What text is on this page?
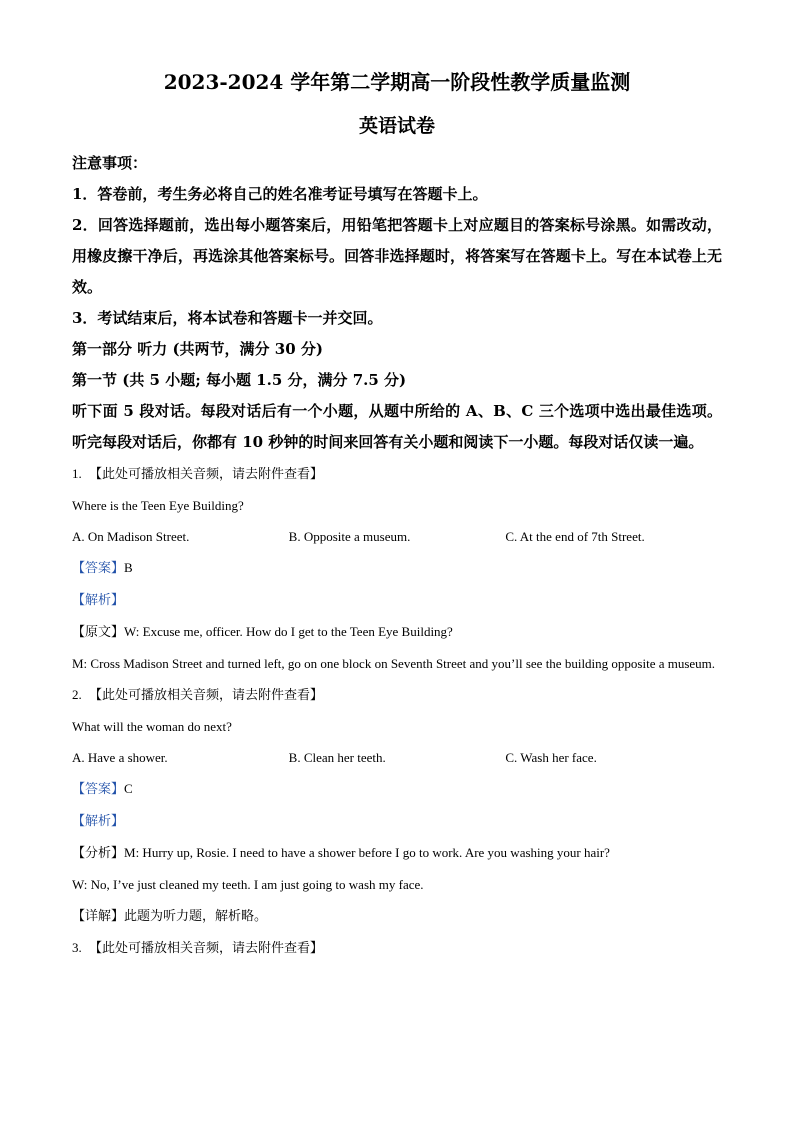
2023-2024 学年第二学期高一阶段性教学质量监测
英语试卷
注意事项：
1．答卷前，考生务必将自己的姓名准考证号填写在答题卡上。
2．回答选择题前，选出每小题答案后，用铅笔把答题卡上对应题目的答案标号涂黑。如需改动，用橡皮擦干净后，再选涂其他答案标号。回答非选择题时，将答案写在答题卡上。写在本试卷上无效。
3．考试结束后，将本试卷和答题卡一并交回。
第一部分 听力 (共两节，满分 30 分)
第一节 (共 5 小题; 每小题 1.5 分，满分 7.5 分)
听下面 5 段对话。每段对话后有一个小题，从题中所给的 A、B、C 三个选项中选出最佳选项。听完每段对话后，你都有 10 秒钟的时间来回答有关小题和阅读下一小题。每段对话仅读一遍。
1. 【此处可播放相关音频，请去附件查看】
Where is the Teen Eye Building?
A. On Madison Street.	B. Opposite a museum.	C. At the end of 7th Street.
【答案】B
【解析】
【原文】W: Excuse me, officer. How do I get to the Teen Eye Building?
M: Cross Madison Street and turned left, go on one block on Seventh Street and you’ll see the building opposite a museum.
2. 【此处可播放相关音频，请去附件查看】
What will the woman do next?
A. Have a shower.	B. Clean her teeth.	C. Wash her face.
【答案】C
【解析】
【分析】M: Hurry up, Rosie. I need to have a shower before I go to work. Are you washing your hair?
W: No, I’ve just cleaned my teeth. I am just going to wash my face.
【详解】此题为听力题，解析略。
3. 【此处可播放相关音频，请去附件查看】
